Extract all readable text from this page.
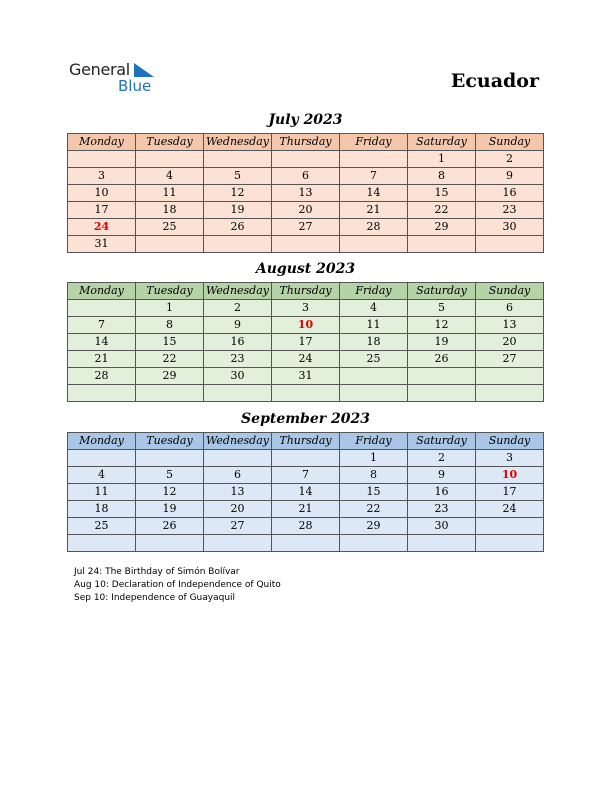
General
Blue	Ecuador
July 2023
Monday	Tuesday	Wednesday	Thursday	Friday	Saturday	Sunday
					1	2
3	4	5	6	7	8	9
10	11	12	13	14	15	16
17	18	19	20	21	22	23
24	25	26	27	28	29	30
31						
August 2023
Monday	Tuesday	Wednesday	Thursday	Friday	Saturday	Sunday
	1	2	3	4	5	6
7	8	9	10	11	12	13
14	15	16	17	18	19	20
21	22	23	24	25	26	27
28	29	30	31			

September 2023
Monday	Tuesday	Wednesday	Thursday	Friday	Saturday	Sunday
				1	2	3
4	5	6	7	8	9	10
11	12	13	14	15	16	17
18	19	20	21	22	23	24
25	26	27	28	29	30	

Jul 24: The Birthday of Simón Bolívar
Aug 10: Declaration of Independence of Quito
Sep 10: Independence of Guayaquil
